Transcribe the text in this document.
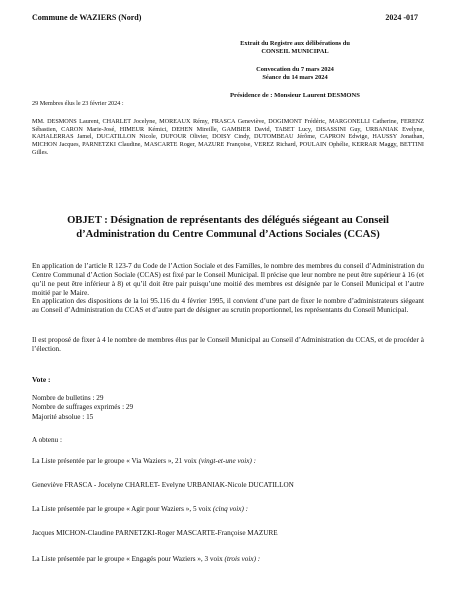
Commune de WAZIERS (Nord)	2024 -017
Extrait du Registre aux délibérations du
CONSEIL MUNICIPAL
Convocation du 7 mars 2024
Séance du 14 mars 2024
Présidence de : Monsieur Laurent DESMONS
29 Membres élus le 23 février 2024 :
MM. DESMONS Laurent, CHARLET Jocelyne, MOREAUX Rémy, FRASCA Geneviève, DOGIMONT Frédéric, MARGONELLI Catherine, FERENZ Sébastien, CARON Marie-José, HIMEUR Kémici, DEHEN Mireille, GAMBIER David, TABET Lucy, DISASSINI Guy, URBANIAK Evelyne, KAHALERRAS Jamel, DUCATILLON Nicole, DUFOUR Olivier, DOISY Cindy, DUTOMBEAU Jérôme, CAPRON Edwige, HAUSSY Jonathan, MICHON Jacques, PARNETZKI Claudine, MASCARTE Roger, MAZURE Françoise, VEREZ Richard, POULAIN Ophélie, KERRAR Maggy, BETTINI Gilles.
OBJET : Désignation de représentants des délégués siégeant au Conseil
d’Administration du Centre Communal d’Actions Sociales (CCAS)
En application de l’article R 123-7 du Code de l’Action Sociale et des Familles, le nombre des membres du conseil d’Administration du Centre Communal d’Action Sociale (CCAS) est fixé par le Conseil Municipal. Il précise que leur nombre ne peut être supérieur à 16 (et qu’il ne peut être inférieur à 8) et qu’il doit être pair puisqu’une moitié des membres est désignée par le Conseil Municipal et l’autre moitié par le Maire.
En application des dispositions de la loi 95.116 du 4 février 1995, il convient d’une part de fixer le nombre d’administrateurs siégeant au Conseil d’Administration du CCAS et d’autre part de désigner au scrutin proportionnel, les représentants du Conseil Municipal.
Il est proposé de fixer à 4 le nombre de membres élus par le Conseil Municipal au Conseil d’Administration du CCAS, et de procéder à l’élection.
Vote :
Nombre de bulletins : 29
Nombre de suffrages exprimés : 29
Majorité absolue : 15
A obtenu :
La Liste présentée par le groupe « Via Waziers », 21 voix (vingt-et-une voix) :
Geneviève FRASCA - Jocelyne CHARLET- Evelyne URBANIAK-Nicole DUCATILLON
La Liste présentée par le groupe « Agir pour Waziers », 5 voix (cinq voix) :
Jacques MICHON-Claudine PARNETZKI-Roger MASCARTE-Françoise MAZURE
La Liste présentée par le groupe « Engagés pour Waziers », 3 voix (trois voix) :
